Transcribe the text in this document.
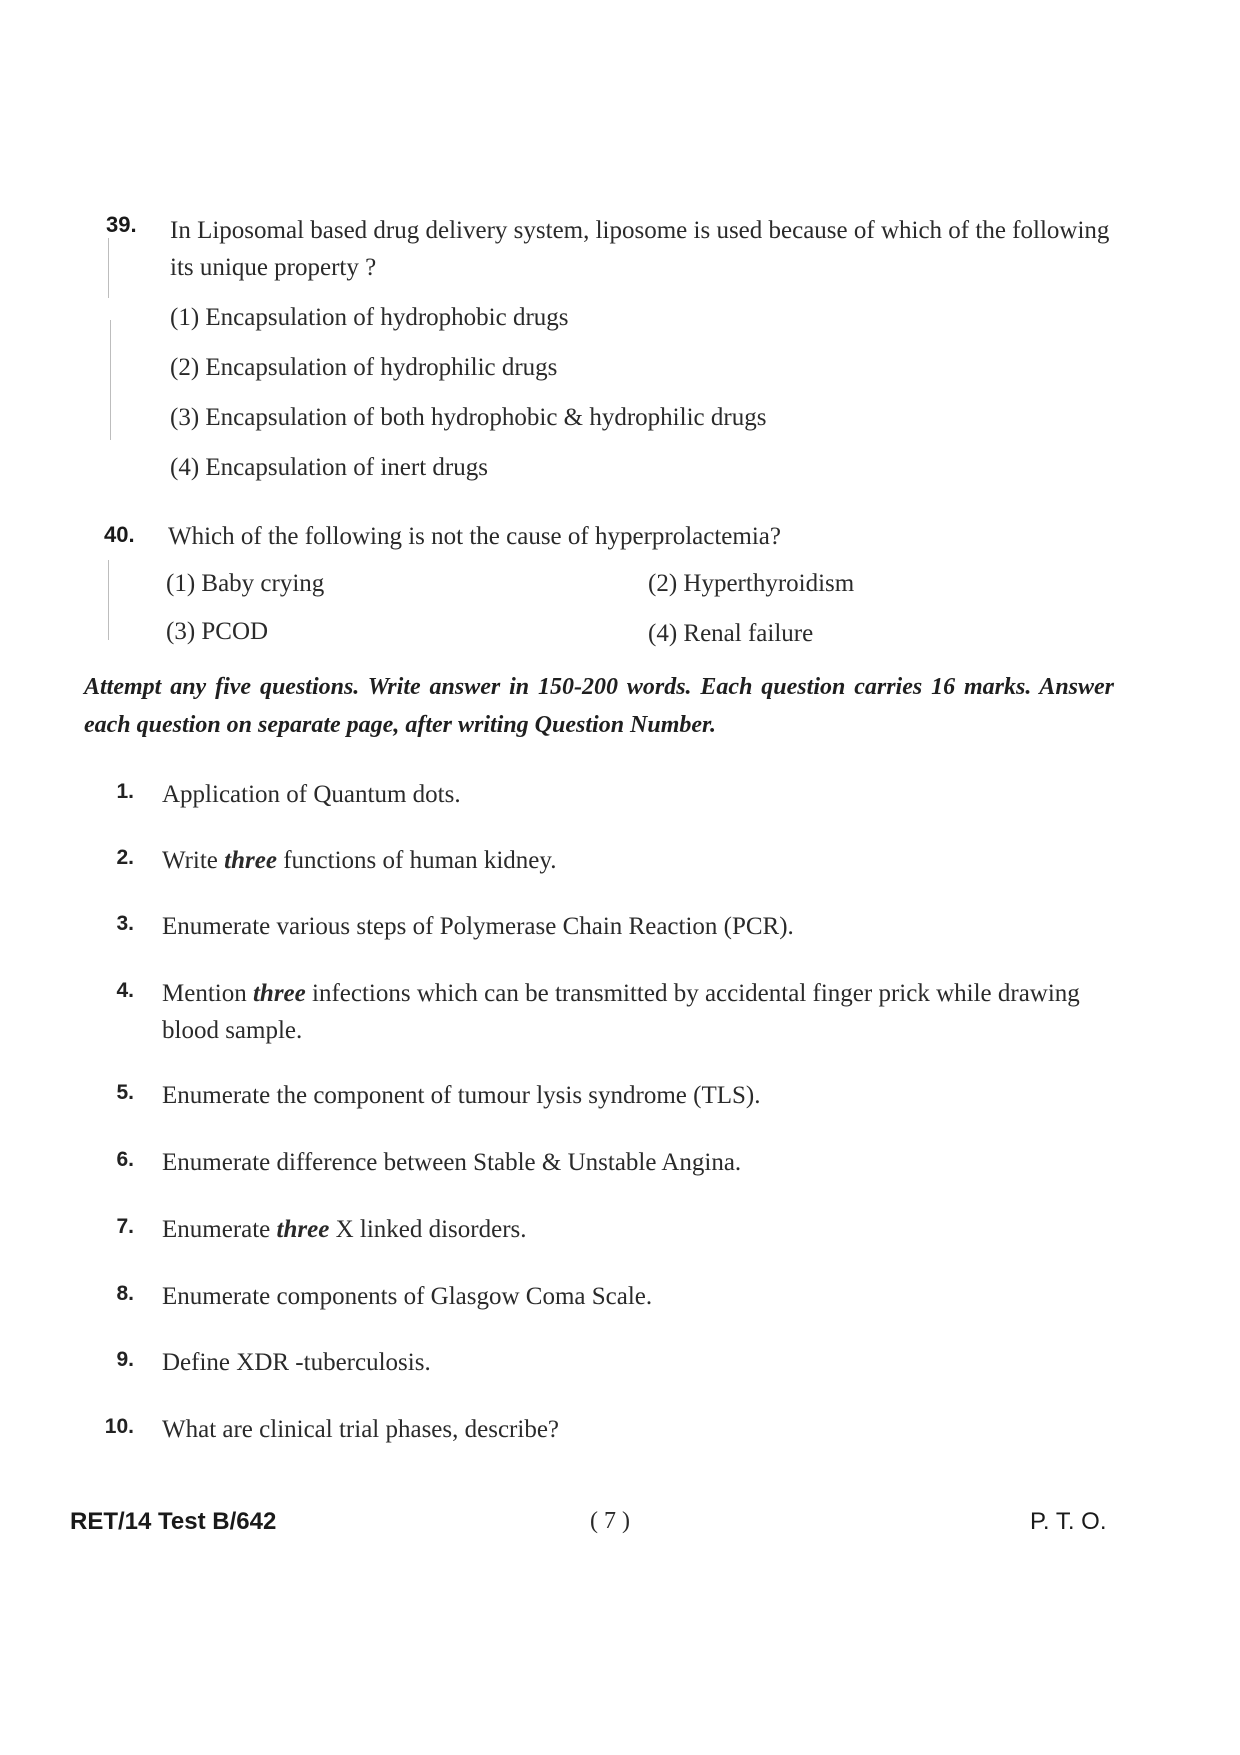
39. In Liposomal based drug delivery system, liposome is used because of which of the following its unique property ?
(1) Encapsulation of hydrophobic drugs
(2) Encapsulation of hydrophilic drugs
(3) Encapsulation of both hydrophobic & hydrophilic drugs
(4) Encapsulation of inert drugs
40. Which of the following is not the cause of hyperprolactemia?
(1) Baby crying	(2) Hyperthyroidism
(3) PCOD	(4) Renal failure
Attempt any five questions. Write answer in 150-200 words. Each question carries 16 marks. Answer each question on separate page, after writing Question Number.
1. Application of Quantum dots.
2. Write three functions of human kidney.
3. Enumerate various steps of Polymerase Chain Reaction (PCR).
4. Mention three infections which can be transmitted by accidental finger prick while drawing blood sample.
5. Enumerate the component of tumour lysis syndrome (TLS).
6. Enumerate difference between Stable & Unstable Angina.
7. Enumerate three X linked disorders.
8. Enumerate components of Glasgow Coma Scale.
9. Define XDR -tuberculosis.
10. What are clinical trial phases, describe?
RET/14 Test B/642	( 7 )	P. T. O.
